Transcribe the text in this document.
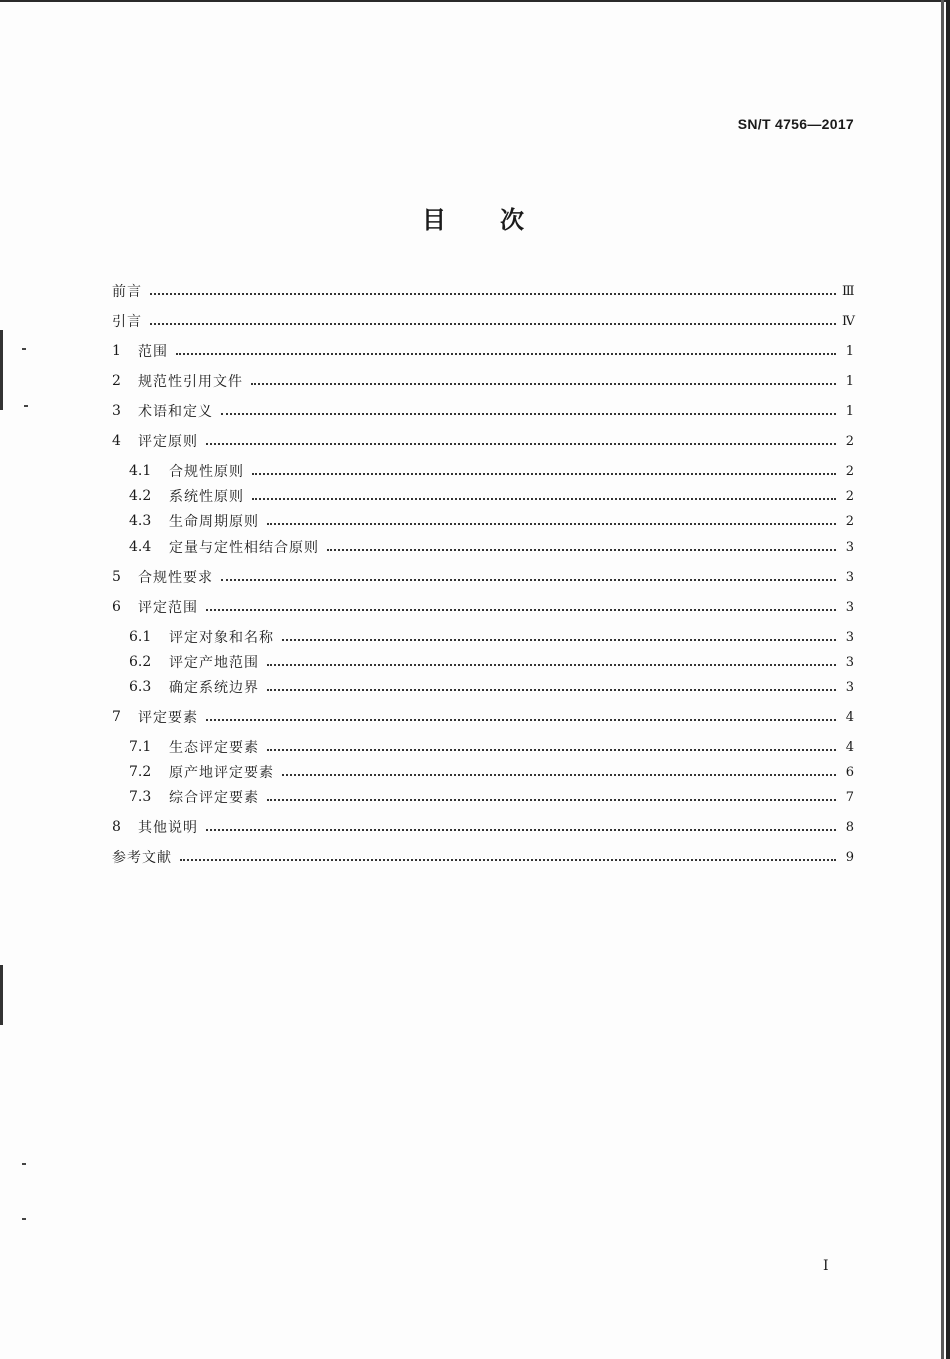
SN/T 4756—2017
目次
前言	Ⅲ
引言	Ⅳ
1	范围	1
2	规范性引用文件	1
3	术语和定义	1
4	评定原则	2
4.1	合规性原则	2
4.2	系统性原则	2
4.3	生命周期原则	2
4.4	定量与定性相结合原则	3
5	合规性要求	3
6	评定范围	3
6.1	评定对象和名称	3
6.2	评定产地范围	3
6.3	确定系统边界	3
7	评定要素	4
7.1	生态评定要素	4
7.2	原产地评定要素	6
7.3	综合评定要素	7
8	其他说明	8
参考文献	9
I
